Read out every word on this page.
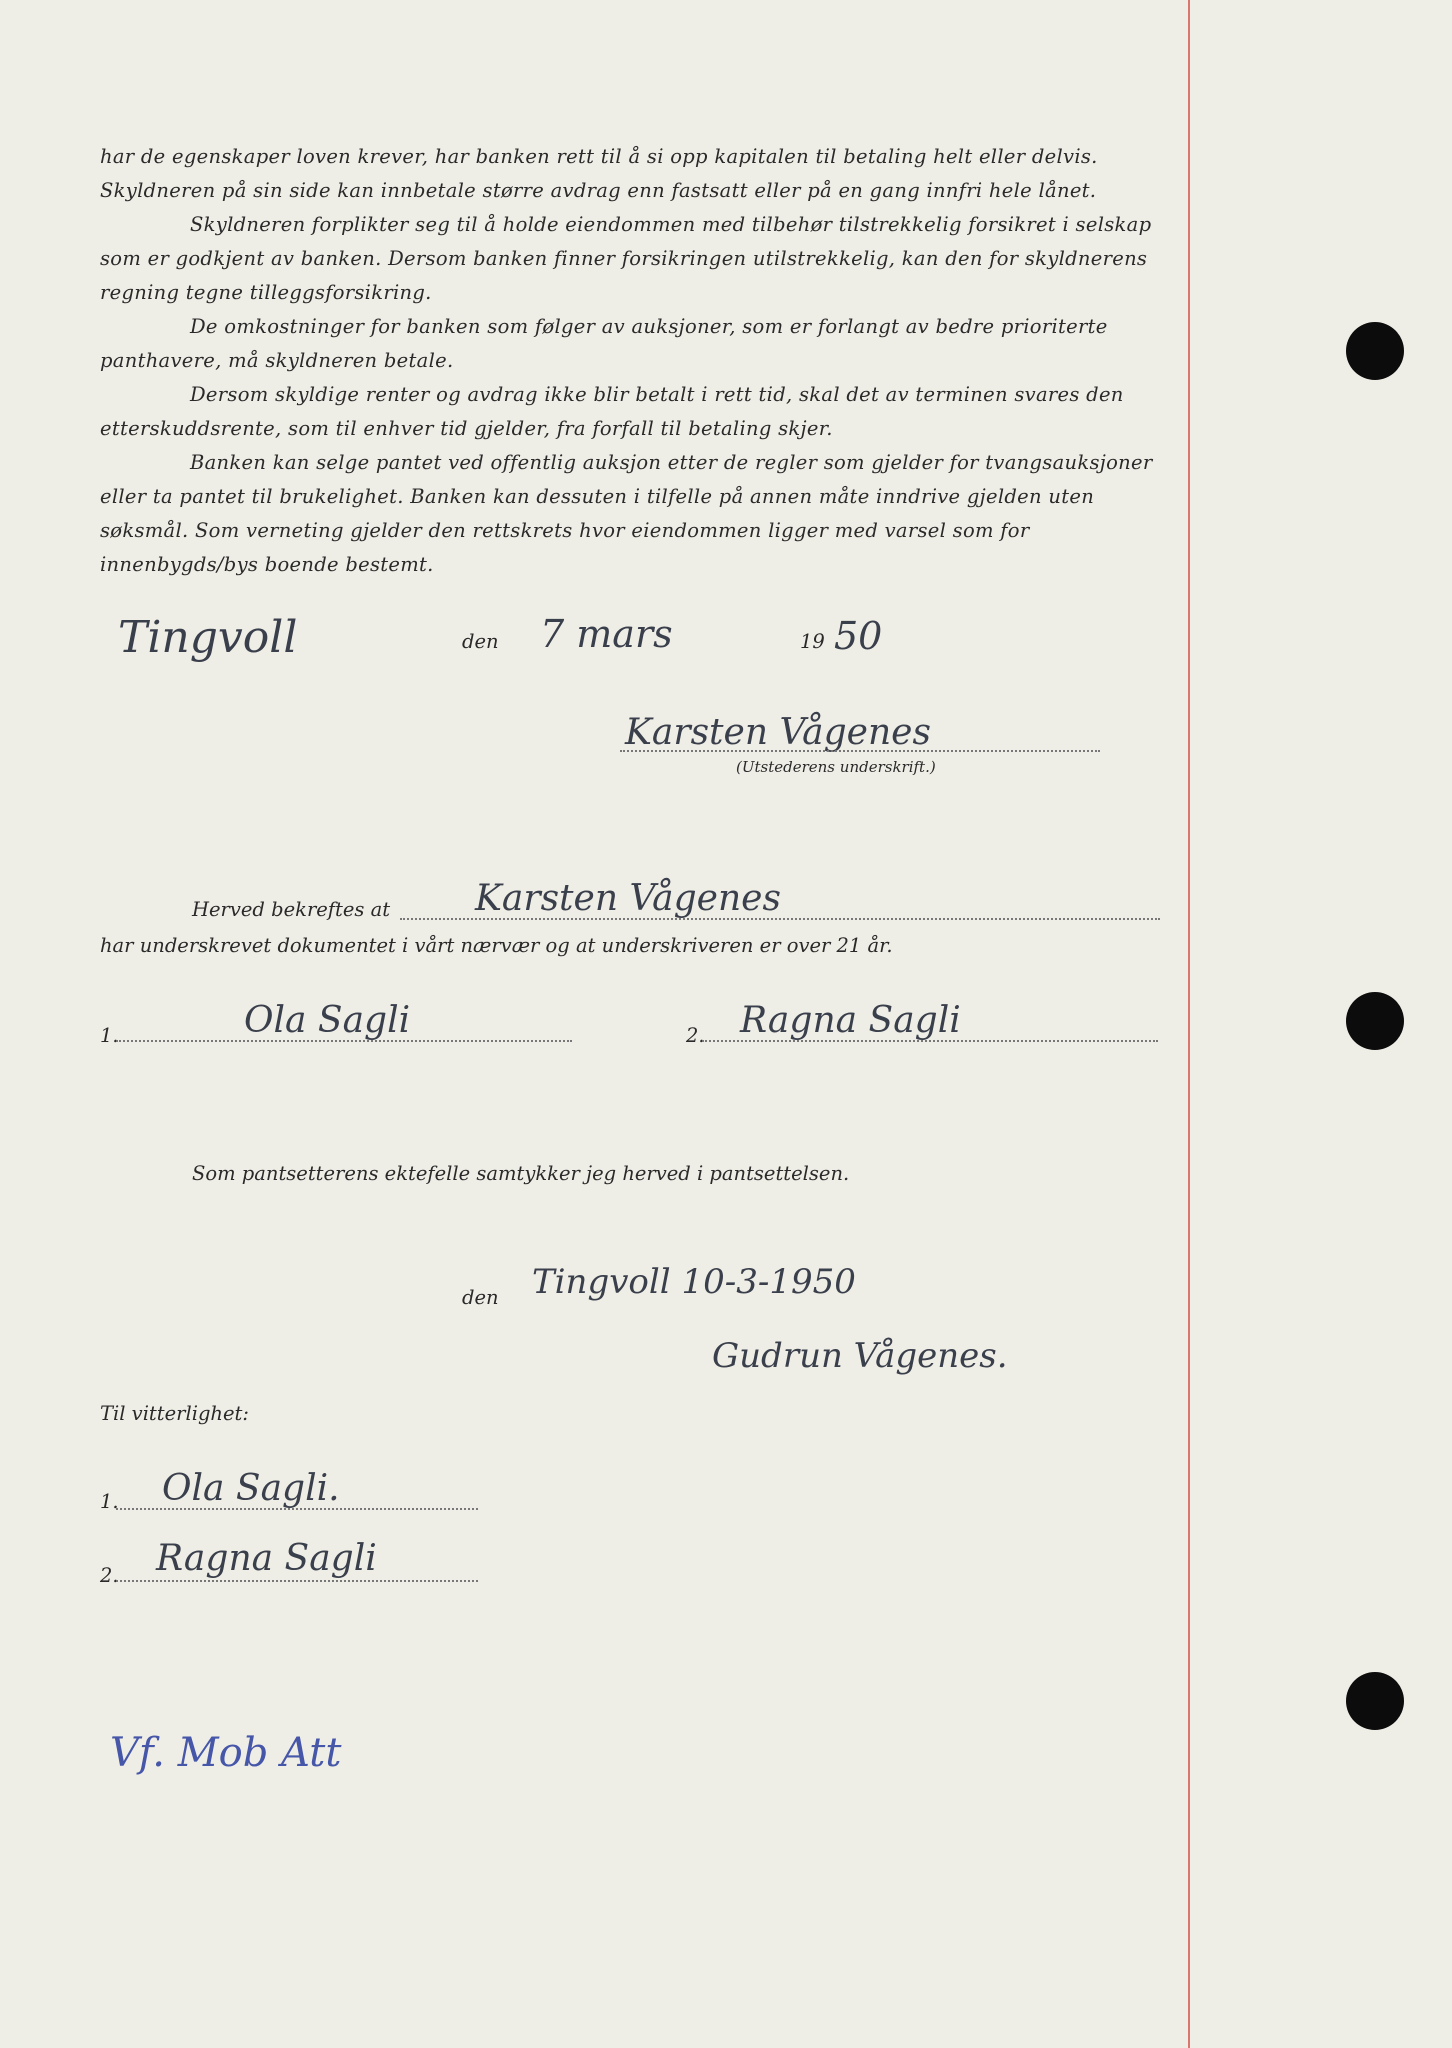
har de egenskaper loven krever, har banken rett til å si opp kapitalen til betaling helt eller delvis. Skyldneren på sin side kan innbetale større avdrag enn fastsatt eller på en gang innfri hele lånet.

Skyldneren forplikter seg til å holde eiendommen med tilbehør tilstrekkelig forsikret i selskap som er godkjent av banken. Dersom banken finner forsikringen utilstrekkelig, kan den for skyldnerens regning tegne tilleggsforsikring.

De omkostninger for banken som følger av auksjoner, som er forlangt av bedre prioriterte panthavere, må skyldneren betale.

Dersom skyldige renter og avdrag ikke blir betalt i rett tid, skal det av terminen svares den etterskuddsrente, som til enhver tid gjelder, fra forfall til betaling skjer.

Banken kan selge pantet ved offentlig auksjon etter de regler som gjelder for tvangsauksjoner eller ta pantet til brukelighet. Banken kan dessuten i tilfelle på annen måte inndrive gjelden uten søksmål. Som verneting gjelder den rettskrets hvor eiendommen ligger med varsel som for innenbygds/bys boende bestemt.

Tingvoll	den 7 mars	19 50
Karsten Vågenes
(Utstederens underskrift.)
Herved bekreftes at Karsten Vågenes
har underskrevet dokumentet i vårt nærvær og at underskriveren er over 21 år.
1.	Ola Sagli	2. Ragna Sagli
Som pantsetterens ektefelle samtykker jeg herved i pantsettelsen.
den Tingvoll 10-3-1950
Gudrun Vågenes.
Til vitterlighet:
1. Ola Sagli.
2. Ragna Sagli
Vf. Mob Att
